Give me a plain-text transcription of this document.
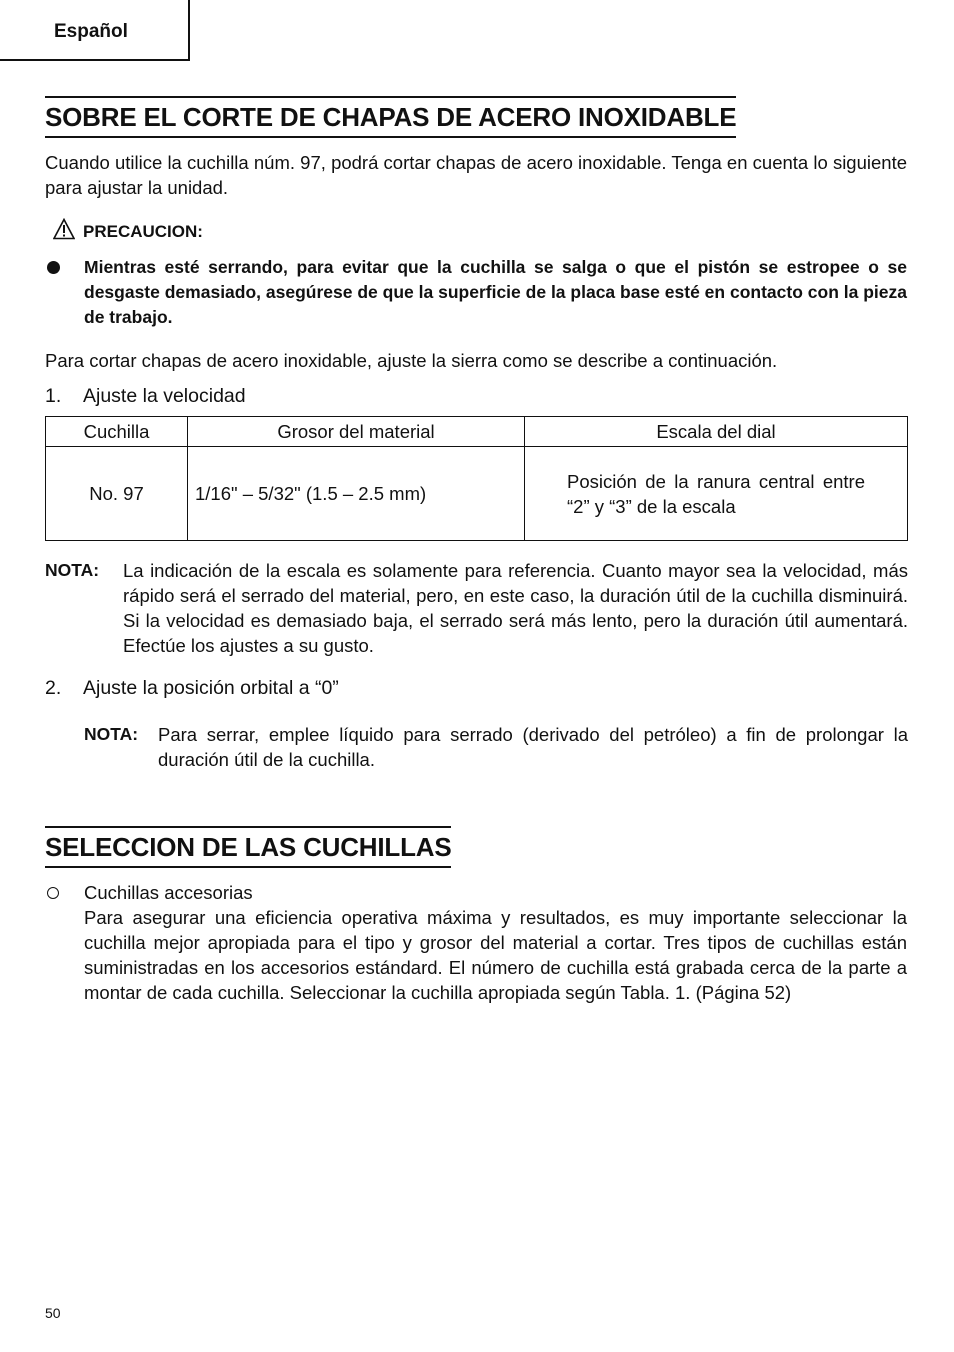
Español
SOBRE EL CORTE DE CHAPAS DE ACERO INOXIDABLE
Cuando utilice la cuchilla núm. 97, podrá cortar chapas de acero inoxidable. Tenga en cuenta lo siguiente para ajustar la unidad.
PRECAUCION:
Mientras esté serrando, para evitar que la cuchilla se salga o que el pistón se estropee o se desgaste demasiado, asegúrese de que la superficie de la placa base esté en contacto con la pieza de trabajo.
Para cortar chapas de acero inoxidable, ajuste la sierra como se describe a continuación.
1. Ajuste la velocidad
Cuchilla	Grosor del material	Escala del dial
No. 97	1/16" – 5/32" (1.5 – 2.5 mm)	Posición de la ranura central entre “2” y “3” de la escala
NOTA: La indicación de la escala es solamente para referencia. Cuanto mayor sea la velocidad, más rápido será el serrado del material, pero, en este caso, la duración útil de la cuchilla disminuirá. Si la velocidad es demasiado baja, el serrado será más lento, pero la duración útil aumentará. Efectúe los ajustes a su gusto.
2. Ajuste la posición orbital a “0”
NOTA: Para serrar, emplee líquido para serrado (derivado del petróleo) a fin de prolongar la duración útil de la cuchilla.
SELECCION DE LAS CUCHILLAS
Cuchillas accesorias
Para asegurar una eficiencia operativa máxima y resultados, es muy importante seleccionar la cuchilla mejor apropiada para el tipo y grosor del material a cortar. Tres tipos de cuchillas están suministradas en los accesorios estándard. El número de cuchilla está grabada cerca de la parte a montar de cada cuchilla. Seleccionar la cuchilla apropiada según Tabla. 1. (Página 52)
50
